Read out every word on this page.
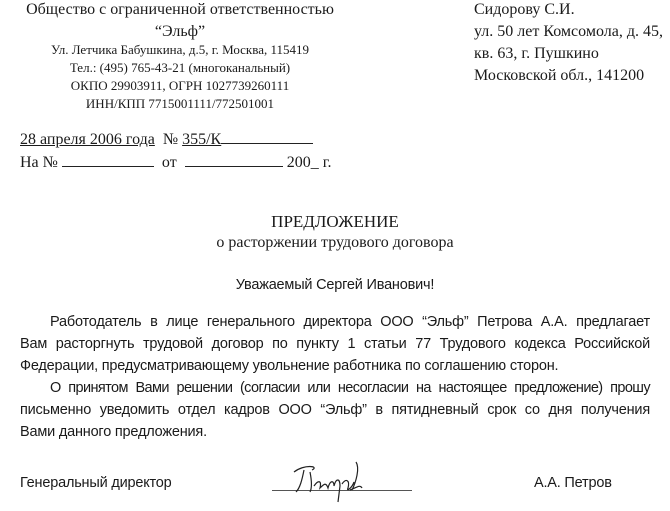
Общество с ограниченной ответственностью
“Эльф”
Ул. Летчика Бабушкина, д.5, г. Москва, 115419
Тел.: (495) 765-43-21 (многоканальный)
ОКПО 29903911, ОГРН 1027739260111
ИНН/КПП 7715001111/772501001
Сидорову С.И.
ул. 50 лет Комсомола, д. 45,
кв. 63, г. Пушкино
Московской обл., 141200
28 апреля 2006 года № 355/К
На №	от	200_ г.
ПРЕДЛОЖЕНИЕ
о расторжении трудового договора
Уважаемый Сергей Иванович!
Работодатель в лице генерального директора ООО “Эльф” Петрова А.А. предлагает
Вам расторгнуть трудовой договор по пункту 1 статьи 77 Трудового кодекса Российской
Федерации, предусматривающему увольнение работника по соглашению сторон.
О принятом Вами решении (согласии или несогласии на настоящее предложение) прошу
письменно уведомить отдел кадров ООО “Эльф” в пятидневный срок со дня получения
Вами данного предложения.
Генеральный директор	А.А. Петров
